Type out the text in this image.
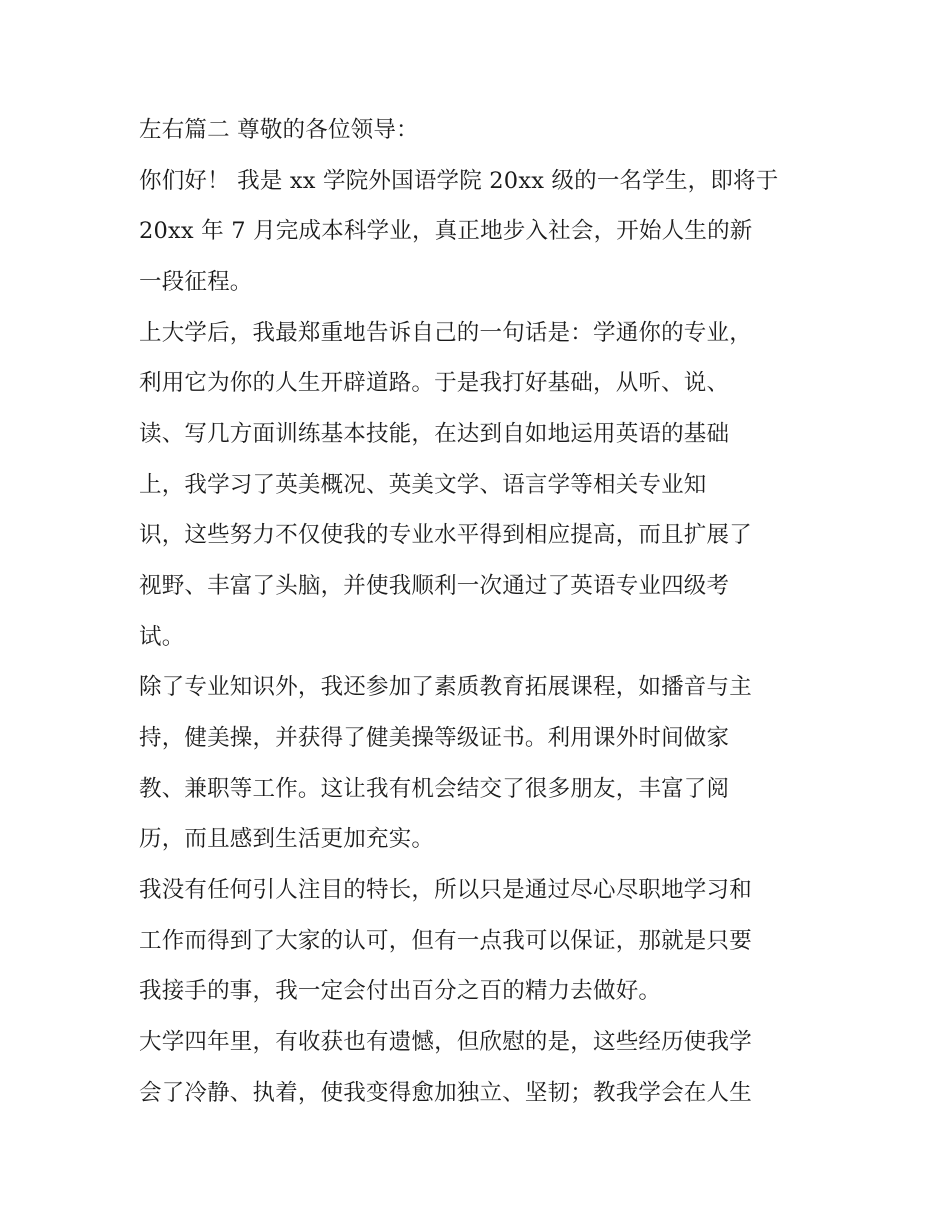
左右篇二 尊敬的各位领导：

你们好！ 我是 xx 学院外国语学院 20xx 级的一名学生，即将于

20xx 年 7 月完成本科学业，真正地步入社会，开始人生的新

一段征程。

上大学后，我最郑重地告诉自己的一句话是：学通你的专业，

利用它为你的人生开辟道路。于是我打好基础，从听、说、

读、写几方面训练基本技能，在达到自如地运用英语的基础

上，我学习了英美概况、英美文学、语言学等相关专业知

识，这些努力不仅使我的专业水平得到相应提高，而且扩展了

视野、丰富了头脑，并使我顺利一次通过了英语专业四级考

试。

除了专业知识外，我还参加了素质教育拓展课程，如播音与主

持，健美操，并获得了健美操等级证书。利用课外时间做家

教、兼职等工作。这让我有机会结交了很多朋友，丰富了阅

历，而且感到生活更加充实。

我没有任何引人注目的特长，所以只是通过尽心尽职地学习和

工作而得到了大家的认可，但有一点我可以保证，那就是只要

我接手的事，我一定会付出百分之百的精力去做好。

大学四年里，有收获也有遗憾，但欣慰的是，这些经历使我学

会了冷静、执着，使我变得愈加独立、坚韧；教我学会在人生
